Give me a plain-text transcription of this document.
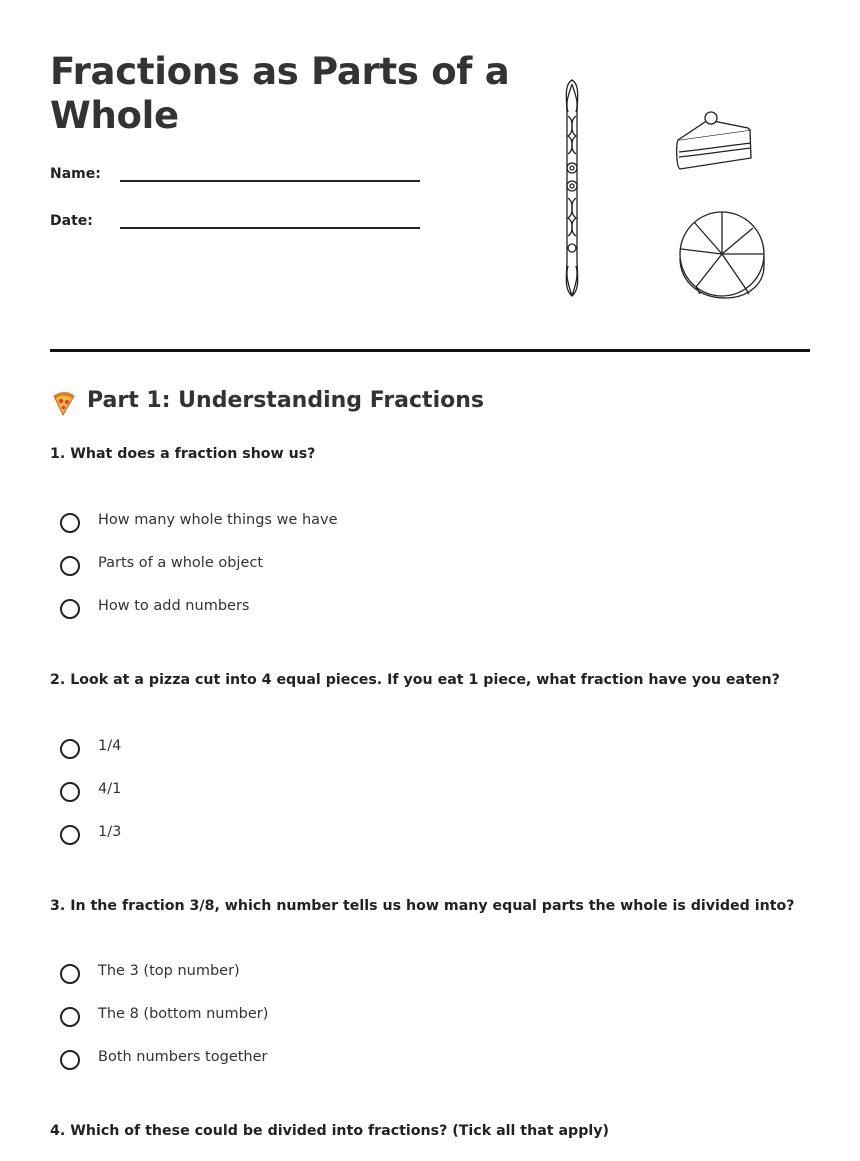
Fractions as Parts of a Whole
Name:
Date:
Part 1: Understanding Fractions
1. What does a fraction show us?
How many whole things we have
Parts of a whole object
How to add numbers
2. Look at a pizza cut into 4 equal pieces. If you eat 1 piece, what fraction have you eaten?
1/4
4/1
1/3
3. In the fraction 3/8, which number tells us how many equal parts the whole is divided into?
The 3 (top number)
The 8 (bottom number)
Both numbers together
4. Which of these could be divided into fractions? (Tick all that apply)
